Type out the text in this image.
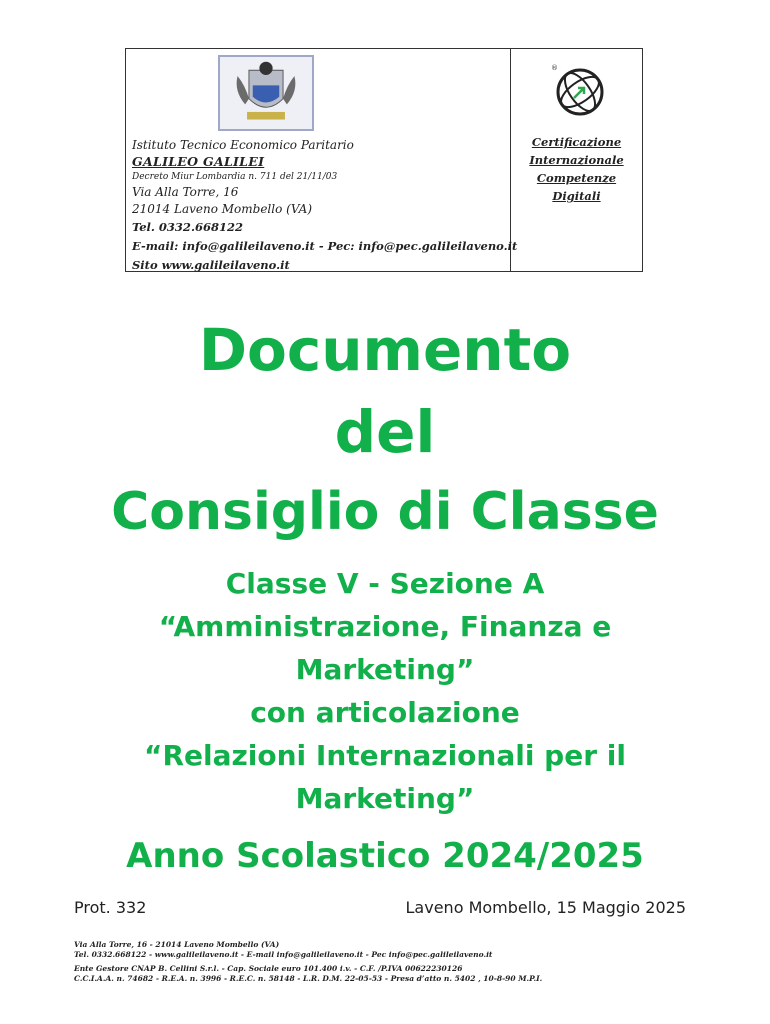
Istituto Tecnico Economico Paritario
GALILEO GALILEI
Decreto Miur Lombardia n. 711 del 21/11/03
Via Alla Torre, 16
21014 Laveno Mombello (VA)
Tel. 0332.668122
E-mail: info@galileilaveno.it - Pec: info@pec.galileilaveno.it
Sito www.galileilaveno.it
®
Certificazione
Internazionale
Competenze Digitali
Documento
del
Consiglio di Classe
Classe V - Sezione A
“Amministrazione, Finanza e
Marketing”
con articolazione
“Relazioni Internazionali per il
Marketing”
Anno Scolastico 2024/2025
Prot. 332	Laveno Mombello, 15 Maggio 2025
Via Alla Torre, 16 - 21014 Laveno Mombello (VA)
Tel. 0332.668122 - www.galileilaveno.it - E-mail info@galileilaveno.it - Pec info@pec.galileilaveno.it
Ente Gestore CNAP B. Cellini S.r.l. - Cap. Sociale euro 101.400 i.v. - C.F. /P.IVA 00622230126
C.C.I.A.A. n. 74682 - R.E.A. n. 3996 - R.E.C. n. 58148 - L.R. D.M. 22-05-53 - Presa d’atto n. 5402 , 10-8-90 M.P.I.
